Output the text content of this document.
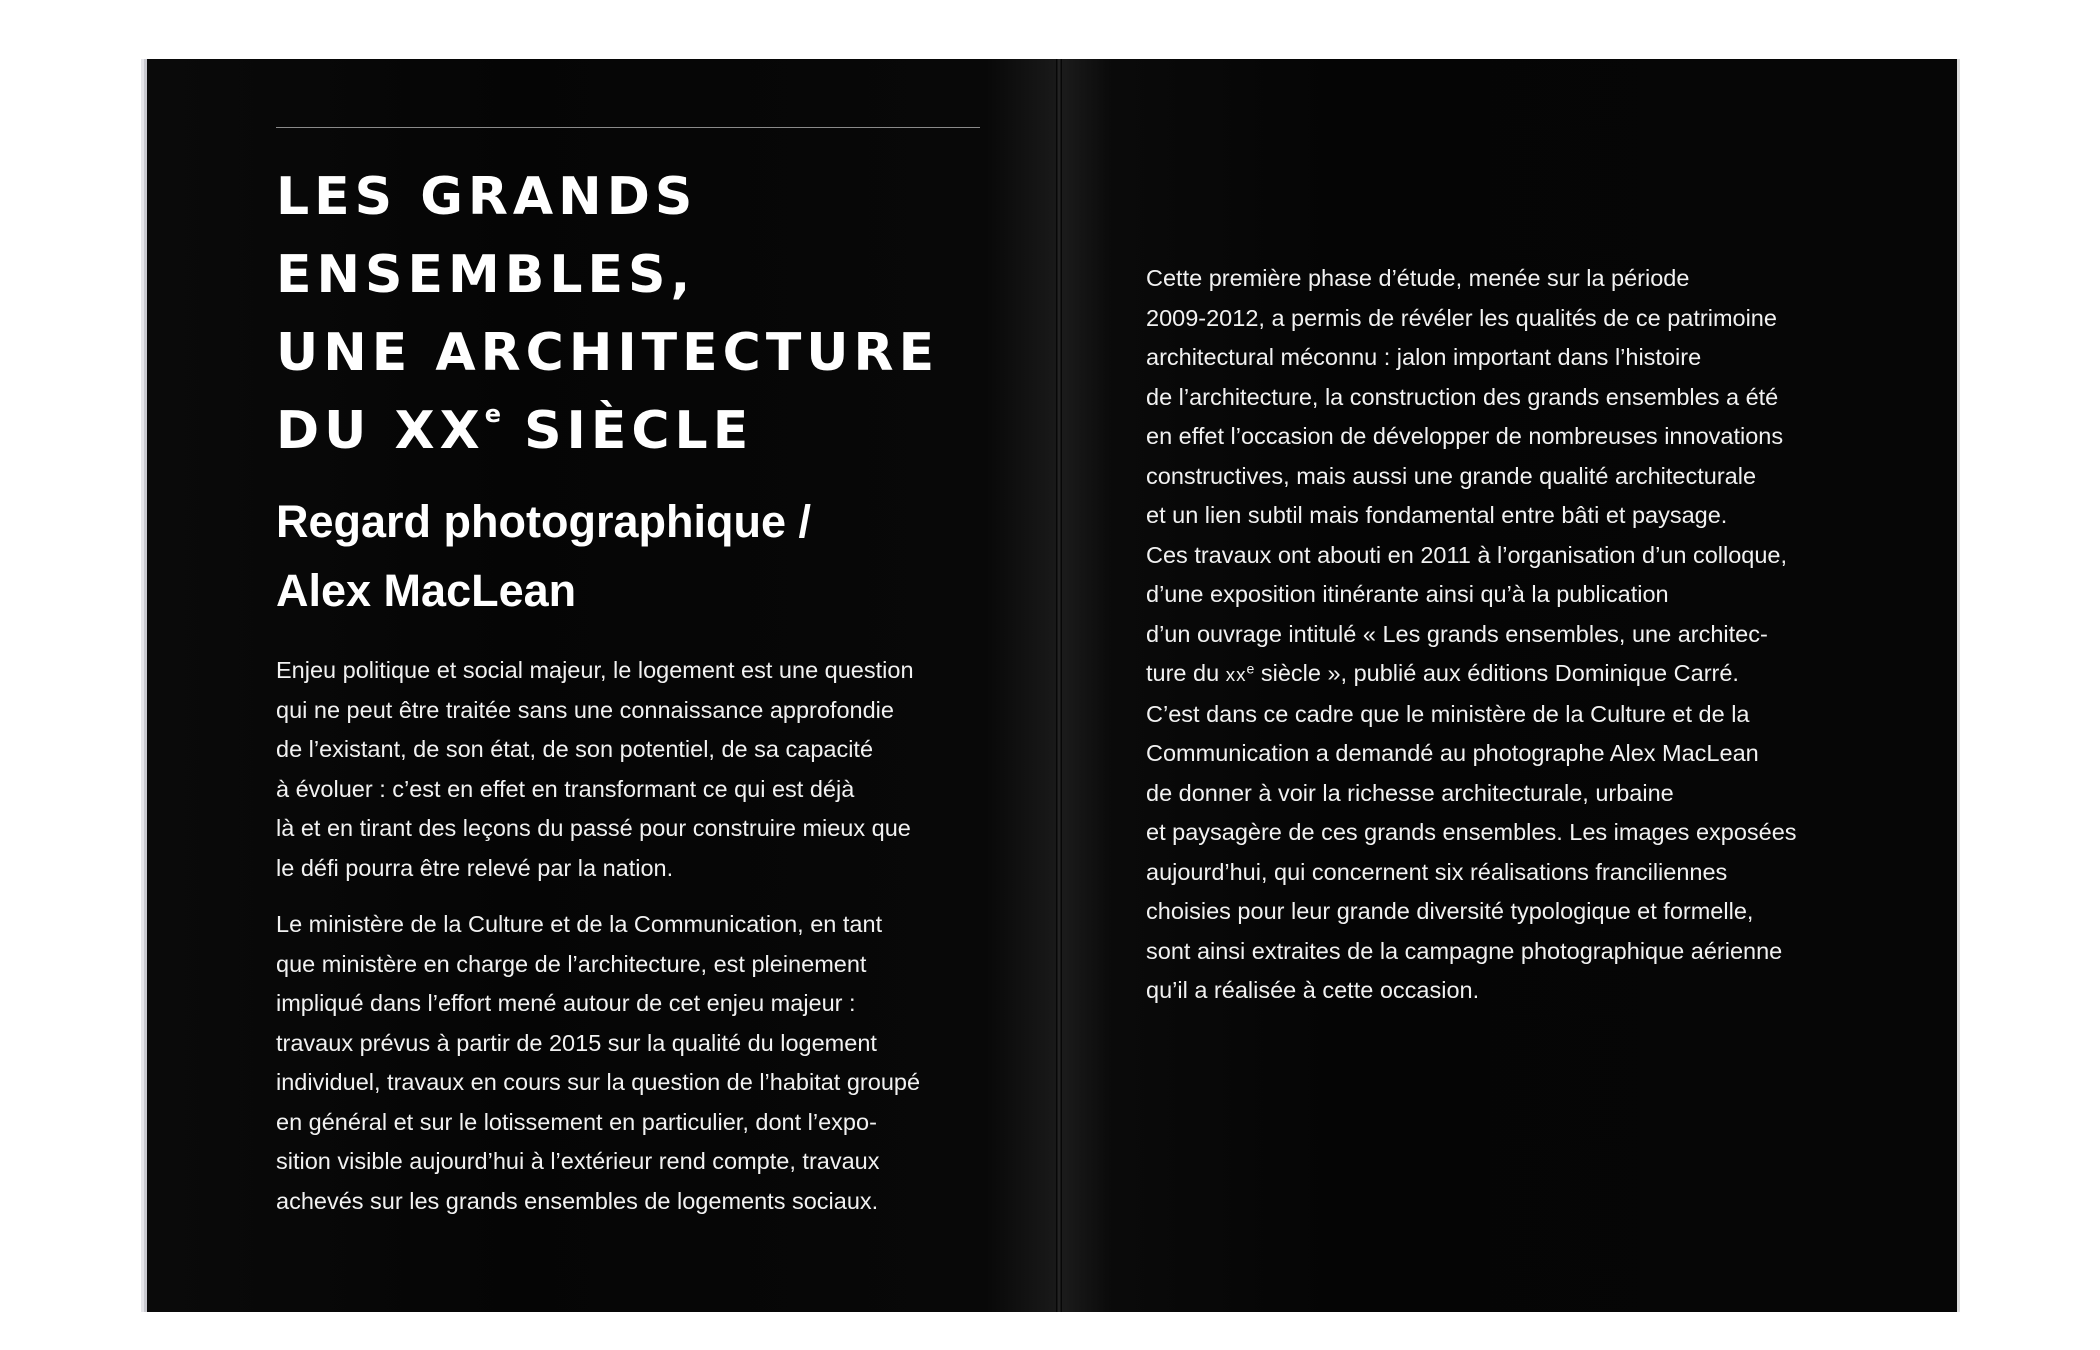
LES GRANDS
ENSEMBLES,
UNE ARCHITECTURE
DU XXe SIÈCLE
Regard photographique /
Alex MacLean
Enjeu politique et social majeur, le logement est une question
qui ne peut être traitée sans une connaissance approfondie
de l’existant, de son état, de son potentiel, de sa capacité
à évoluer : c’est en effet en transformant ce qui est déjà
là et en tirant des leçons du passé pour construire mieux que
le défi pourra être relevé par la nation.
Le ministère de la Culture et de la Communication, en tant
que ministère en charge de l’architecture, est pleinement
impliqué dans l’effort mené autour de cet enjeu majeur :
travaux prévus à partir de 2015 sur la qualité du logement
individuel, travaux en cours sur la question de l’habitat groupé
en général et sur le lotissement en particulier, dont l’expo-
sition visible aujourd’hui à l’extérieur rend compte, travaux
achevés sur les grands ensembles de logements sociaux.
Cette première phase d’étude, menée sur la période
2009-2012, a permis de révéler les qualités de ce patrimoine
architectural méconnu : jalon important dans l’histoire
de l’architecture, la construction des grands ensembles a été
en effet l’occasion de développer de nombreuses innovations
constructives, mais aussi une grande qualité architecturale
et un lien subtil mais fondamental entre bâti et paysage.
Ces travaux ont abouti en 2011 à l’organisation d’un colloque,
d’une exposition itinérante ainsi qu’à la publication
d’un ouvrage intitulé « Les grands ensembles, une architec-
ture du $xx^e$ siècle », publié aux éditions Dominique Carré.
C’est dans ce cadre que le ministère de la Culture et de la
Communication a demandé au photographe Alex MacLean
de donner à voir la richesse architecturale, urbaine
et paysagère de ces grands ensembles. Les images exposées
aujourd’hui, qui concernent six réalisations franciliennes
choisies pour leur grande diversité typologique et formelle,
sont ainsi extraites de la campagne photographique aérienne
qu’il a réalisée à cette occasion.
